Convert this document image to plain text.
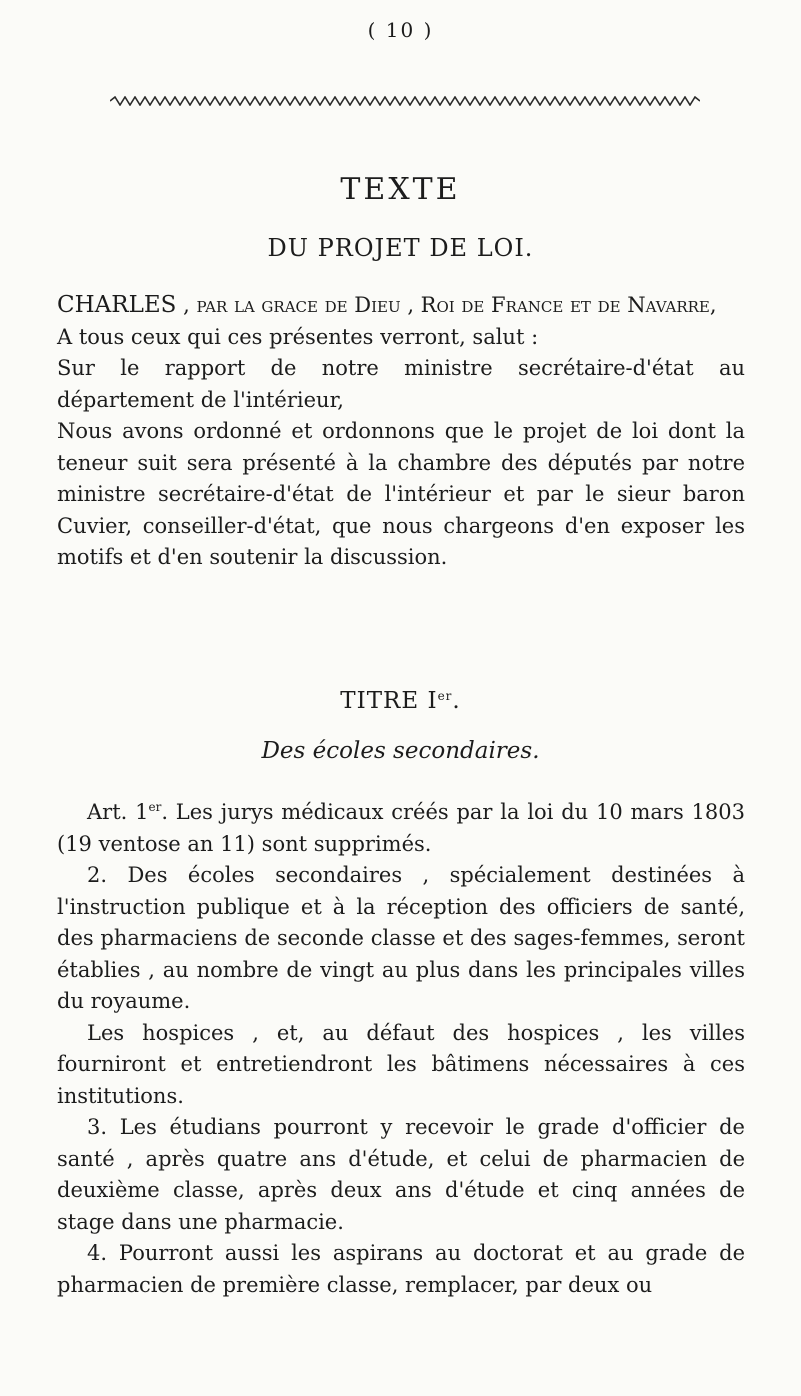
( 10 )
TEXTE
DU PROJET DE LOI.

CHARLES , par la grace de Dieu , Roi de France et de Navarre,

A tous ceux qui ces présentes verront, salut :

Sur le rapport de notre ministre secrétaire-d'état au département de l'intérieur,

Nous avons ordonné et ordonnons que le projet de loi dont la teneur suit sera présenté à la chambre des députés par notre ministre secrétaire-d'état de l'intérieur et par le sieur baron Cuvier, conseiller-d'état, que nous chargeons d'en exposer les motifs et d'en soutenir la discussion.

TITRE Ier.
Des écoles secondaires.

Art. 1er. Les jurys médicaux créés par la loi du 10 mars 1803 (19 ventose an 11) sont supprimés.

2. Des écoles secondaires , spécialement destinées à l'instruction publique et à la réception des officiers de santé, des pharmaciens de seconde classe et des sages-femmes, seront établies , au nombre de vingt au plus dans les principales villes du royaume.

Les hospices , et, au défaut des hospices , les villes fourniront et entretiendront les bâtimens nécessaires à ces institutions.

3. Les étudians pourront y recevoir le grade d'officier de santé , après quatre ans d'étude, et celui de pharmacien de deuxième classe, après deux ans d'étude et cinq années de stage dans une pharmacie.

4. Pourront aussi les aspirans au doctorat et au grade de pharmacien de première classe, remplacer, par deux ou
